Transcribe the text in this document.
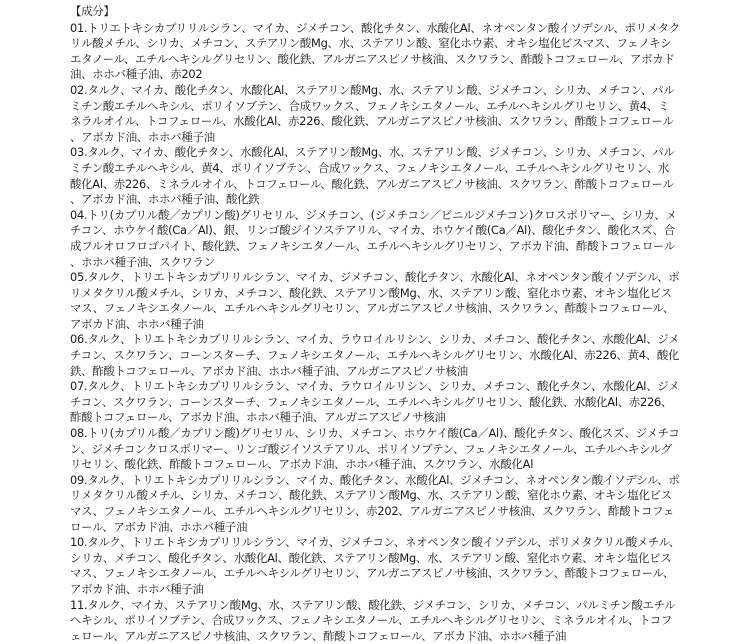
【成分】

01.トリエトキシカプリリルシラン、マイカ、ジメチコン、酸化チタン、水酸化Al、ネオペンタン酸イソデシル、ポリメタクリル酸メチル、シリカ、メチコン、ステアリン酸Mg、水、ステアリン酸、窒化ホウ素、オキシ塩化ビスマス、フェノキシエタノール、エチルヘキシルグリセリン、酸化鉄、アルガニアスピノサ核油、スクワラン、酢酸トコフェロール、アボカド油、ホホバ種子油、赤202

02.タルク、マイカ、酸化チタン、水酸化Al、ステアリン酸Mg、水、ステアリン酸、ジメチコン、シリカ、メチコン、パルミチン酸エチルヘキシル、ポリイソブテン、合成ワックス、フェノキシエタノール、エチルヘキシルグリセリン、黄4、ミネラルオイル、トコフェロール、水酸化Al、赤226、酸化鉄、アルガニアスピノサ核油、スクワラン、酢酸トコフェロール、アボカド油、ホホバ種子油

03.タルク、マイカ、酸化チタン、水酸化Al、ステアリン酸Mg、水、ステアリン酸、ジメチコン、シリカ、メチコン、パルミチン酸エチルヘキシル、黄4、ポリイソブテン、合成ワックス、フェノキシエタノール、エチルヘキシルグリセリン、水酸化Al、赤226、ミネラルオイル、トコフェロール、酸化鉄、アルガニアスピノサ核油、スクワラン、酢酸トコフェロール、アボカド油、ホホバ種子油、酸化鉄

04.トリ(カプリル酸／カプリン酸)グリセリル、ジメチコン、(ジメチコン／ビニルジメチコン)クロスポリマー、シリカ、メチコン、ホウケイ酸(Ca／Al)、銀、リンゴ酸ジイソステアリル、マイカ、ホウケイ酸(Ca／Al)、酸化チタン、酸化スズ、合成フルオロフロゴパイト、酸化鉄、フェノキシエタノール、エチルヘキシルグリセリン、アボカド油、酢酸トコフェロール、ホホバ種子油、スクワラン

05.タルク、トリエトキシカプリリルシラン、マイカ、ジメチコン、酸化チタン、水酸化Al、ネオペンタン酸イソデシル、ポリメタクリル酸メチル、シリカ、メチコン、酸化鉄、ステアリン酸Mg、水、ステアリン酸、窒化ホウ素、オキシ塩化ビスマス、フェノキシエタノール、エチルヘキシルグリセリン、アルガニアスピノサ核油、スクワラン、酢酸トコフェロール、アボカド油、ホホバ種子油

06.タルク、トリエトキシカプリリルシラン、マイカ、ラウロイルリシン、シリカ、メチコン、酸化チタン、水酸化Al、ジメチコン、スクワラン、コーンスターチ、フェノキシエタノール、エチルヘキシルグリセリン、水酸化Al、赤226、黄4、酸化鉄、酢酸トコフェロール、アボカド油、ホホバ種子油、アルガニアスピノサ核油

07.タルク、トリエトキシカプリリルシラン、マイカ、ラウロイルリシン、シリカ、メチコン、酸化チタン、水酸化Al、ジメチコン、スクワラン、コーンスターチ、フェノキシエタノール、エチルヘキシルグリセリン、酸化鉄、水酸化Al、赤226、酢酸トコフェロール、アボカド油、ホホバ種子油、アルガニアスピノサ核油

08.トリ(カプリル酸／カプリン酸)グリセリル、シリカ、メチコン、ホウケイ酸(Ca／Al)、酸化チタン、酸化スズ、ジメチコン、ジメチコンクロスポリマー、リンゴ酸ジイソステアリル、ポリイソブテン、フェノキシエタノール、エチルヘキシルグリセリン、酸化鉄、酢酸トコフェロール、アボカド油、ホホバ種子油、スクワラン、水酸化Al

09.タルク、トリエトキシカプリリルシラン、マイカ、酸化チタン、水酸化Al、ジメチコン、ネオペンタン酸イソデシル、ポリメタクリル酸メチル、シリカ、メチコン、酸化鉄、ステアリン酸Mg、水、ステアリン酸、窒化ホウ素、オキシ塩化ビスマス、フェノキシエタノール、エチルヘキシルグリセリン、赤202、アルガニアスピノサ核油、スクワラン、酢酸トコフェロール、アボカド油、ホホバ種子油

10.タルク、トリエトキシカプリリルシラン、マイカ、ジメチコン、ネオペンタン酸イソデシル、ポリメタクリル酸メチル、シリカ、メチコン、酸化チタン、水酸化Al、酸化鉄、ステアリン酸Mg、水、ステアリン酸、窒化ホウ素、オキシ塩化ビスマス、フェノキシエタノール、エチルヘキシルグリセリン、アルガニアスピノサ核油、スクワラン、酢酸トコフェロール、アボカド油、ホホバ種子油

11.タルク、マイカ、ステアリン酸Mg、水、ステアリン酸、酸化鉄、ジメチコン、シリカ、メチコン、パルミチン酸エチルヘキシル、ポリイソブテン、合成ワックス、フェノキシエタノール、エチルヘキシルグリセリン、ミネラルオイル、トコフェロール、アルガニアスピノサ核油、スクワラン、酢酸トコフェロール、アボカド油、ホホバ種子油
